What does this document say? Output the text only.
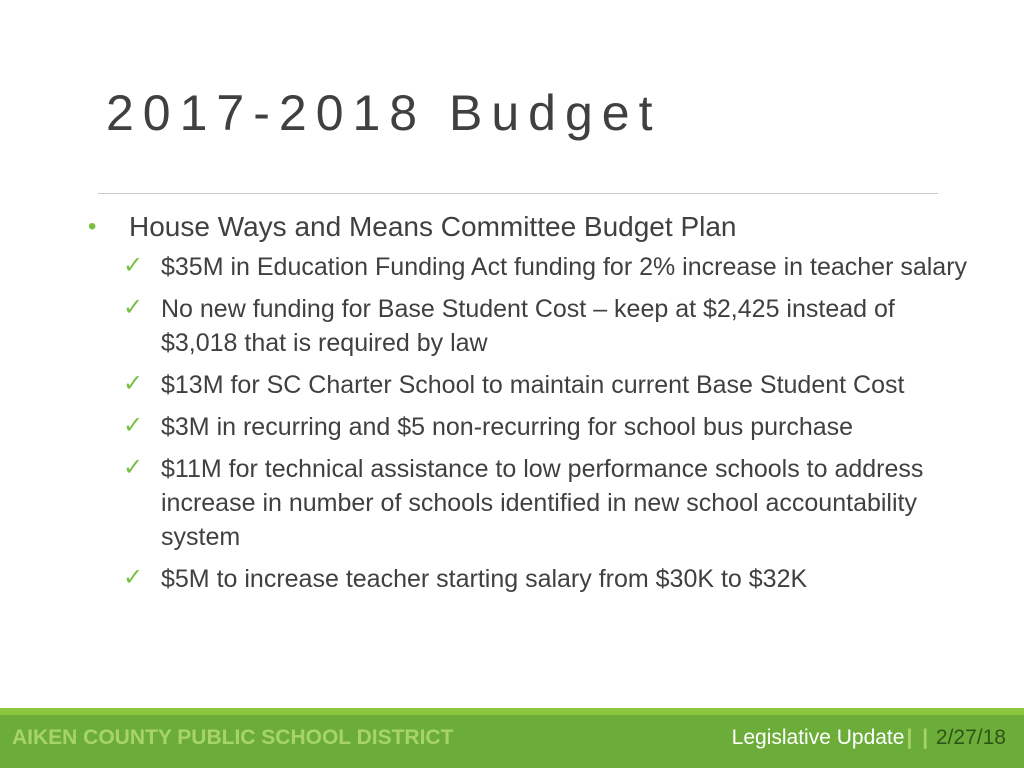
2017-2018 Budget
• House Ways and Means Committee Budget Plan
✓ $35M in Education Funding Act funding for 2% increase in teacher salary
✓ No new funding for Base Student Cost – keep at $2,425 instead of $3,018 that is required by law
✓ $13M for SC Charter School to maintain current Base Student Cost
✓ $3M in recurring and $5 non-recurring for school bus purchase
✓ $11M for technical assistance to low performance schools to address increase in number of schools identified in new school accountability system
✓ $5M to increase teacher starting salary from $30K to $32K
AIKEN COUNTY PUBLIC SCHOOL DISTRICT	Legislative Update| | 2/27/18
